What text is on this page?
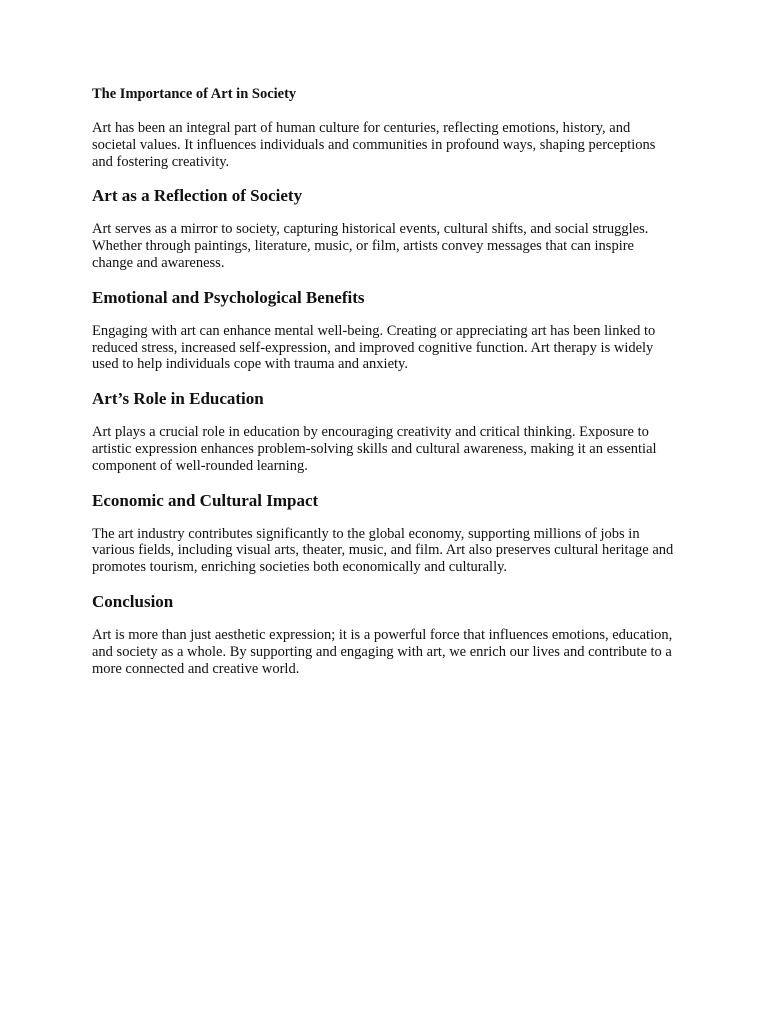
The Importance of Art in Society

Art has been an integral part of human culture for centuries, reflecting emotions, history, and societal values. It influences individuals and communities in profound ways, shaping perceptions and fostering creativity.

Art as a Reflection of Society

Art serves as a mirror to society, capturing historical events, cultural shifts, and social struggles. Whether through paintings, literature, music, or film, artists convey messages that can inspire change and awareness.

Emotional and Psychological Benefits

Engaging with art can enhance mental well-being. Creating or appreciating art has been linked to reduced stress, increased self-expression, and improved cognitive function. Art therapy is widely used to help individuals cope with trauma and anxiety.

Art’s Role in Education

Art plays a crucial role in education by encouraging creativity and critical thinking. Exposure to artistic expression enhances problem-solving skills and cultural awareness, making it an essential component of well-rounded learning.

Economic and Cultural Impact

The art industry contributes significantly to the global economy, supporting millions of jobs in various fields, including visual arts, theater, music, and film. Art also preserves cultural heritage and promotes tourism, enriching societies both economically and culturally.

Conclusion

Art is more than just aesthetic expression; it is a powerful force that influences emotions, education, and society as a whole. By supporting and engaging with art, we enrich our lives and contribute to a more connected and creative world.
